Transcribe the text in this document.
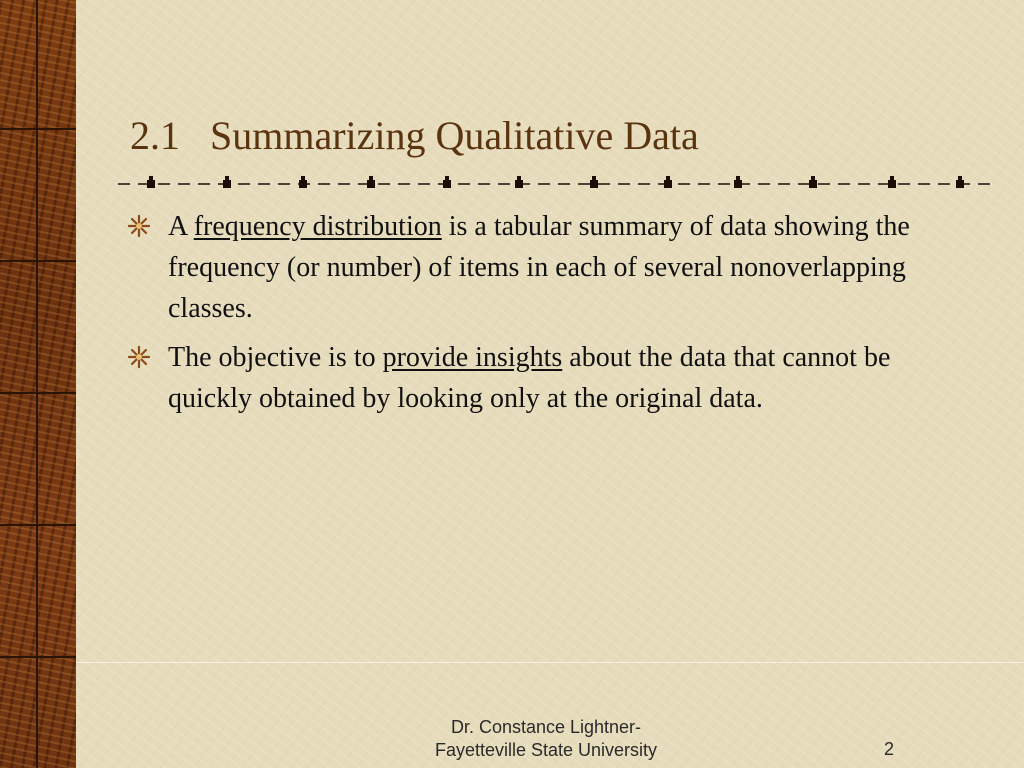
2.1 Summarizing Qualitative Data
A frequency distribution is a tabular summary of data showing the frequency (or number) of items in each of several nonoverlapping classes.
The objective is to provide insights about the data that cannot be quickly obtained by looking only at the original data.
Dr. Constance Lightner-
Fayetteville State University	2
